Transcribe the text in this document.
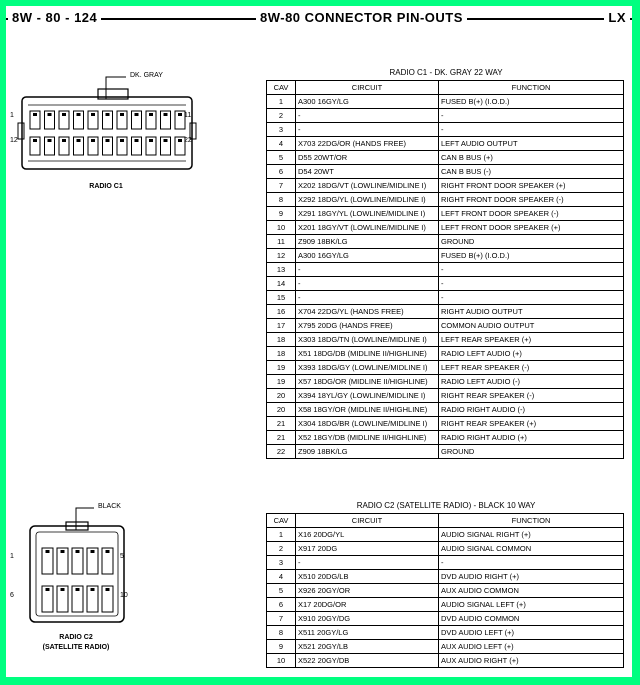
8W - 80 - 124	8W-80 CONNECTOR PIN-OUTS	LX
DK. GRAY
1	11
12	22
RADIO C1
RADIO C1 - DK. GRAY 22 WAY
CAV	CIRCUIT	FUNCTION
1	A300 16GY/LG	FUSED B(+) (I.O.D.)
2	-	-
3	-	-
4	X703 22DG/OR (HANDS FREE)	LEFT AUDIO OUTPUT
5	D55 20WT/OR	CAN B BUS (+)
6	D54 20WT	CAN B BUS (-)
7	X202 18DG/VT (LOWLINE/MIDLINE I)	RIGHT FRONT DOOR SPEAKER (+)
8	X292 18DG/YL (LOWLINE/MIDLINE I)	RIGHT FRONT DOOR SPEAKER (-)
9	X291 18GY/YL (LOWLINE/MIDLINE I)	LEFT FRONT DOOR SPEAKER (-)
10	X201 18GY/VT (LOWLINE/MIDLINE I)	LEFT FRONT DOOR SPEAKER (+)
11	Z909 18BK/LG	GROUND
12	A300 16GY/LG	FUSED B(+) (I.O.D.)
13	-	-
14	-	-
15	-	-
16	X704 22DG/YL (HANDS FREE)	RIGHT AUDIO OUTPUT
17	X795 20DG (HANDS FREE)	COMMON AUDIO OUTPUT
18	X303 18DG/TN (LOWLINE/MIDLINE I)	LEFT REAR SPEAKER (+)
18	X51 18DG/DB (MIDLINE II/HIGHLINE)	RADIO LEFT AUDIO (+)
19	X393 18DG/GY (LOWLINE/MIDLINE I)	LEFT REAR SPEAKER (-)
19	X57 18DG/OR (MIDLINE II/HIGHLINE)	RADIO LEFT AUDIO (-)
20	X394 18YL/GY (LOWLINE/MIDLINE I)	RIGHT REAR SPEAKER (-)
20	X58 18GY/OR (MIDLINE II/HIGHLINE)	RADIO RIGHT AUDIO (-)
21	X304 18DG/BR (LOWLINE/MIDLINE I)	RIGHT REAR SPEAKER (+)
21	X52 18GY/DB (MIDLINE II/HIGHLINE)	RADIO RIGHT AUDIO (+)
22	Z909 18BK/LG	GROUND
BLACK
1	5
6	10
RADIO C2
(SATELLITE RADIO)
RADIO C2 (SATELLITE RADIO) - BLACK 10 WAY
CAV	CIRCUIT	FUNCTION
1	X16 20DG/YL	AUDIO SIGNAL RIGHT (+)
2	X917 20DG	AUDIO SIGNAL COMMON
3	-	-
4	X510 20DG/LB	DVD AUDIO RIGHT (+)
5	X926 20GY/OR	AUX AUDIO COMMON
6	X17 20DG/OR	AUDIO SIGNAL LEFT (+)
7	X910 20GY/DG	DVD AUDIO COMMON
8	X511 20GY/LG	DVD AUDIO LEFT (+)
9	X521 20GY/LB	AUX AUDIO LEFT (+)
10	X522 20GY/DB	AUX AUDIO RIGHT (+)
